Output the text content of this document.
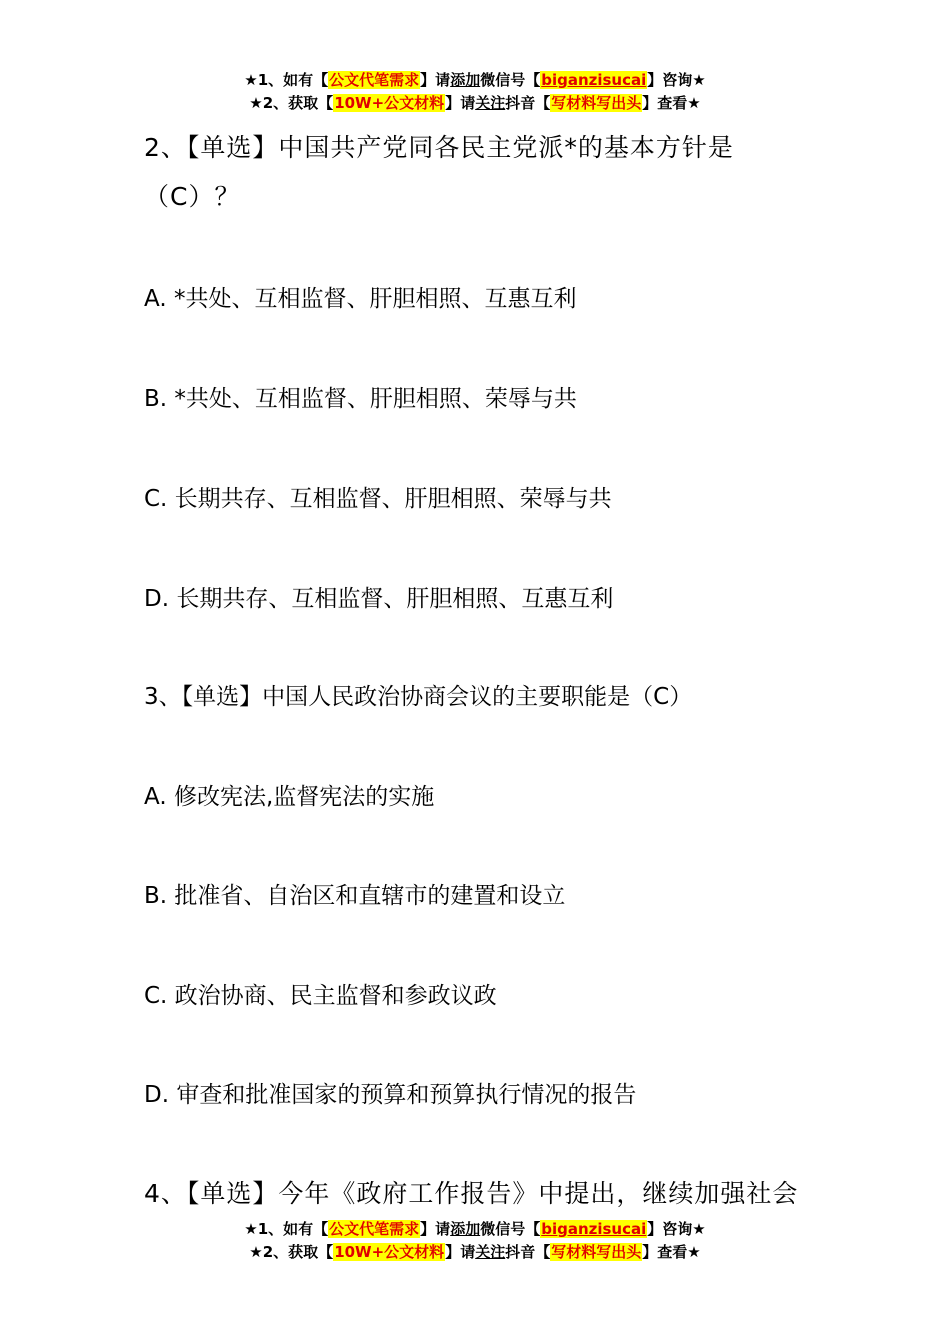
★1、如有【公文代笔需求】请添加微信号【biganzisucai】咨询★
★2、获取【10W+公文材料】请关注抖音【写材料写出头】查看★
2、【单选】中国共产党同各民主党派*的基本方针是
（C）？
A. *共处、互相监督、肝胆相照、互惠互利
B. *共处、互相监督、肝胆相照、荣辱与共
C. 长期共存、互相监督、肝胆相照、荣辱与共
D. 长期共存、互相监督、肝胆相照、互惠互利
3、【单选】中国人民政治协商会议的主要职能是（C）
A. 修改宪法,监督宪法的实施
B. 批准省、自治区和直辖市的建置和设立
C. 政治协商、民主监督和参政议政
D. 审查和批准国家的预算和预算执行情况的报告
4、【单选】今年《政府工作报告》中提出，继续加强社会
★1、如有【公文代笔需求】请添加微信号【biganzisucai】咨询★
★2、获取【10W+公文材料】请关注抖音【写材料写出头】查看★
